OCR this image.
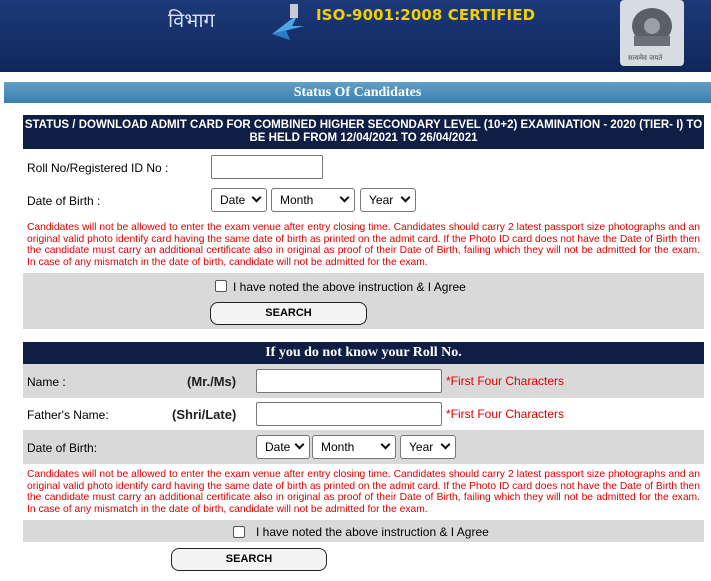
विभाग	ISO-9001:2008 CERTIFIED
सत्यमेव जयते
Status Of Candidates
STATUS / DOWNLOAD ADMIT CARD FOR COMBINED HIGHER SECONDARY LEVEL (10+2) EXAMINATION - 2020 (TIER- I) TO BE HELD FROM 12/04/2021 TO 26/04/2021
Roll No/Registered ID No :
Date of Birth :	Date	Month	Year
Candidates will not be allowed to enter the exam venue after entry closing time. Candidates should carry 2 latest passport size photographs and an original valid photo identify card having the same date of birth as printed on the admit card. If the Photo ID card does not have the Date of Birth then the candidate must carry an additional certificate also in original as proof of their Date of Birth, failing which they will not be admitted for the exam. In case of any mismatch in the date of birth, candidate will not be admitted for the exam.
I have noted the above instruction & I Agree
SEARCH
If you do not know your Roll No.
Name :	(Mr./Ms)	*First Four Characters
Father's Name:	(Shri/Late)	*First Four Characters
Date of Birth:	Date	Month	Year
Candidates will not be allowed to enter the exam venue after entry closing time. Candidates should carry 2 latest passport size photographs and an original valid photo identify card having the same date of birth as printed on the admit card. If the Photo ID card does not have the Date of Birth then the candidate must carry an additional certificate also in original as proof of their Date of Birth, failing which they will not be admitted for the exam. In case of any mismatch in the date of birth, candidate will not be admitted for the exam.
I have noted the above instruction & I Agree
SEARCH
